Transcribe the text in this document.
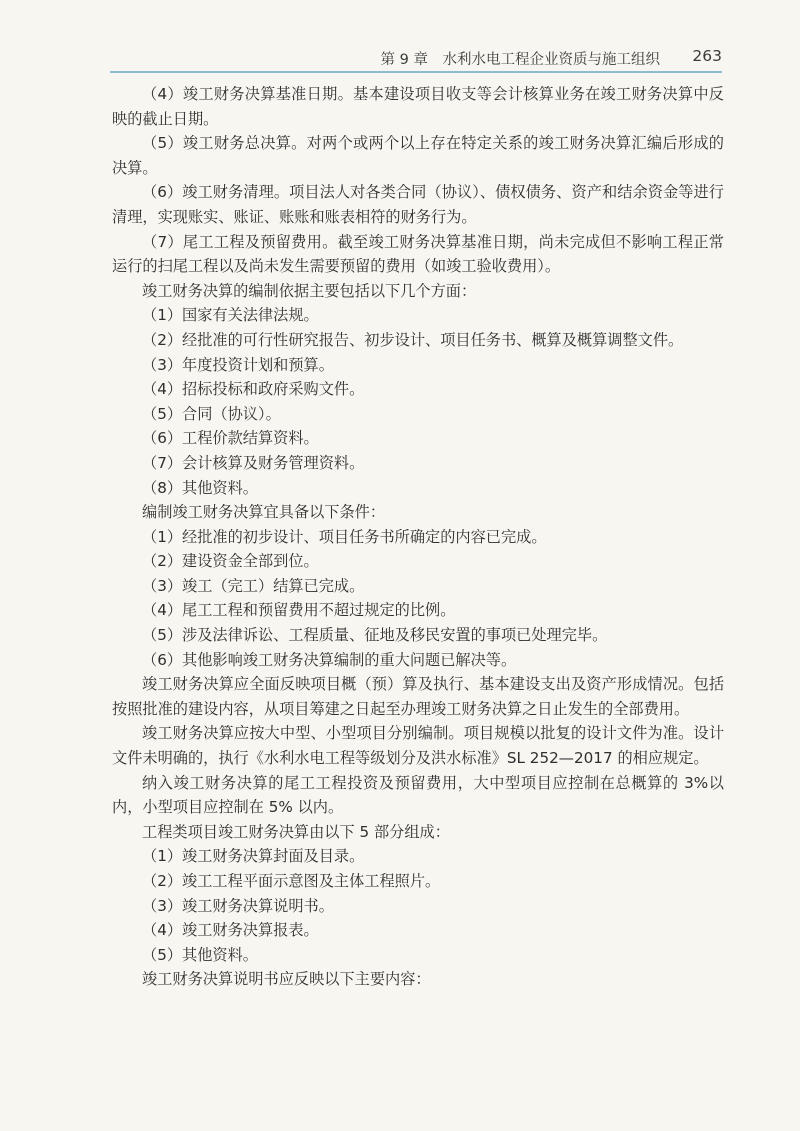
第 9 章　水利水电工程企业资质与施工组织 263

（4）竣工财务决算基准日期。基本建设项目收支等会计核算业务在竣工财务决算中反映的截止日期。

（5）竣工财务总决算。对两个或两个以上存在特定关系的竣工财务决算汇编后形成的决算。

（6）竣工财务清理。项目法人对各类合同（协议）、债权债务、资产和结余资金等进行清理，实现账实、账证、账账和账表相符的财务行为。

（7）尾工工程及预留费用。截至竣工财务决算基准日期，尚未完成但不影响工程正常运行的扫尾工程以及尚未发生需要预留的费用（如竣工验收费用）。

竣工财务决算的编制依据主要包括以下几个方面：

（1）国家有关法律法规。

（2）经批准的可行性研究报告、初步设计、项目任务书、概算及概算调整文件。

（3）年度投资计划和预算。

（4）招标投标和政府采购文件。

（5）合同（协议）。

（6）工程价款结算资料。

（7）会计核算及财务管理资料。

（8）其他资料。

编制竣工财务决算宜具备以下条件：

（1）经批准的初步设计、项目任务书所确定的内容已完成。

（2）建设资金全部到位。

（3）竣工（完工）结算已完成。

（4）尾工工程和预留费用不超过规定的比例。

（5）涉及法律诉讼、工程质量、征地及移民安置的事项已处理完毕。

（6）其他影响竣工财务决算编制的重大问题已解决等。

竣工财务决算应全面反映项目概（预）算及执行、基本建设支出及资产形成情况。包括按照批准的建设内容，从项目筹建之日起至办理竣工财务决算之日止发生的全部费用。

竣工财务决算应按大中型、小型项目分别编制。项目规模以批复的设计文件为准。设计文件未明确的，执行《水利水电工程等级划分及洪水标准》SL 252—2017 的相应规定。

纳入竣工财务决算的尾工工程投资及预留费用，大中型项目应控制在总概算的 3%以内，小型项目应控制在 5% 以内。

工程类项目竣工财务决算由以下 5 部分组成：

（1）竣工财务决算封面及目录。

（2）竣工工程平面示意图及主体工程照片。

（3）竣工财务决算说明书。

（4）竣工财务决算报表。

（5）其他资料。

竣工财务决算说明书应反映以下主要内容：
